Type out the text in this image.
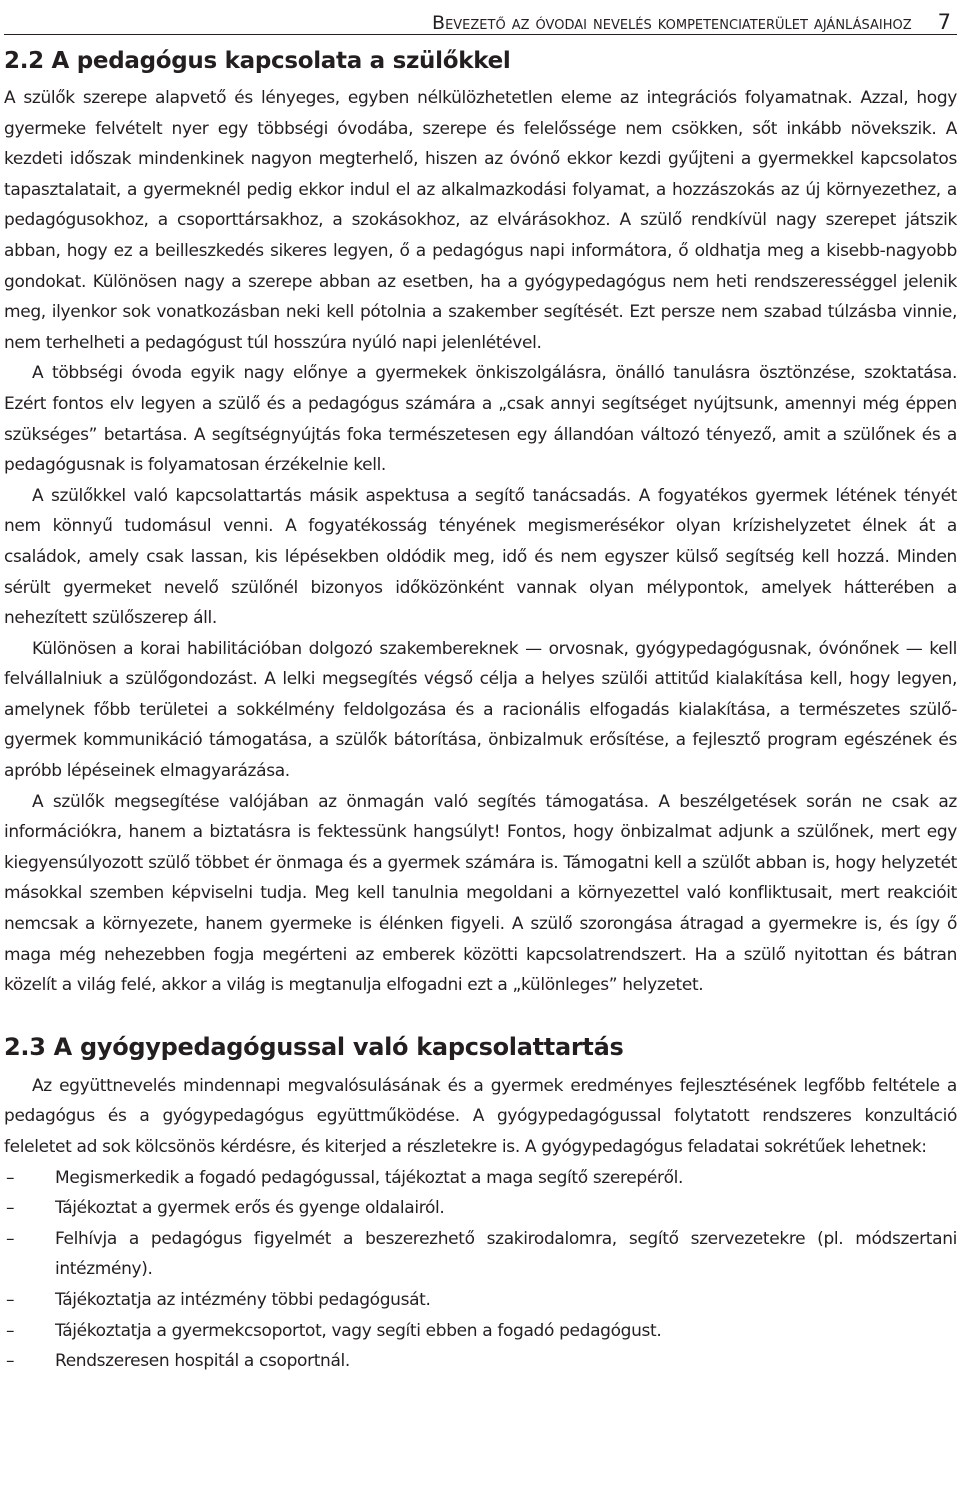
Bevezető az óvodai nevelés kompetenciaterület ajánlásaihoz 7
2.2 A pedagógus kapcsolata a szülőkkel

A szülők szerepe alapvető és lényeges, egyben nélkülözhetetlen eleme az integrációs folyamatnak. Azzal, hogy gyermeke felvételt nyer egy többségi óvodába, szerepe és felelőssége nem csökken, sőt inkább növekszik. A kezdeti időszak mindenkinek nagyon megterhelő, hiszen az óvónő ekkor kezdi gyűjteni a gyermekkel kapcsolatos tapasztalatait, a gyermeknél pedig ekkor indul el az alkalmazkodási folyamat, a hozzászokás az új környezethez, a pedagógusokhoz, a csoporttársakhoz, a szokásokhoz, az elvárásokhoz. A szülő rendkívül nagy szerepet játszik abban, hogy ez a beilleszkedés sikeres legyen, ő a pedagógus napi informátora, ő oldhatja meg a kisebb-nagyobb gondokat. Különösen nagy a szerepe abban az esetben, ha a gyógypedagógus nem heti rendszerességgel jelenik meg, ilyenkor sok vonatkozásban neki kell pótolnia a szakember segítését. Ezt persze nem szabad túlzásba vinnie, nem terhelheti a pedagógust túl hosszúra nyúló napi jelenlétével.

A többségi óvoda egyik nagy előnye a gyermekek önkiszolgálásra, önálló tanulásra ösztönzése, szoktatása. Ezért fontos elv legyen a szülő és a pedagógus számára a „csak annyi segítséget nyújtsunk, amennyi még éppen szükséges” betartása. A segítségnyújtás foka természetesen egy állandóan változó tényező, amit a szülőnek és a pedagógusnak is folyamatosan érzékelnie kell.

A szülőkkel való kapcsolattartás másik aspektusa a segítő tanácsadás. A fogyatékos gyermek létének tényét nem könnyű tudomásul venni. A fogyatékosság tényének megismerésékor olyan krízishelyzetet élnek át a családok, amely csak lassan, kis lépésekben oldódik meg, idő és nem egyszer külső segítség kell hozzá. Minden sérült gyermeket nevelő szülőnél bizonyos időközönként vannak olyan mélypontok, amelyek hátterében a nehezített szülőszerep áll.

Különösen a korai habilitációban dolgozó szakembereknek — orvosnak, gyógypedagógusnak, óvónőnek — kell felvállalniuk a szülőgondozást. A lelki megsegítés végső célja a helyes szülői attitűd kialakítása kell, hogy legyen, amelynek főbb területei a sokkélmény feldolgozása és a racionális elfogadás kialakítása, a természetes szülő-gyermek kommunikáció támogatása, a szülők bátorítása, önbizalmuk erősítése, a fejlesztő program egészének és apróbb lépéseinek elmagyarázása.

A szülők megsegítése valójában az önmagán való segítés támogatása. A beszélgetések során ne csak az információkra, hanem a biztatásra is fektessünk hangsúlyt! Fontos, hogy önbizalmat adjunk a szülőnek, mert egy kiegyensúlyozott szülő többet ér önmaga és a gyermek számára is. Támogatni kell a szülőt abban is, hogy helyzetét másokkal szemben képviselni tudja. Meg kell tanulnia megoldani a környezettel való konfliktusait, mert reakcióit nemcsak a környezete, hanem gyermeke is élénken figyeli. A szülő szorongása átragad a gyermekre is, és így ő maga még nehezebben fogja megérteni az emberek közötti kapcsolatrendszert. Ha a szülő nyitottan és bátran közelít a világ felé, akkor a világ is megtanulja elfogadni ezt a „különleges” helyzetet.

2.3 A gyógypedagógussal való kapcsolattartás

Az együttnevelés mindennapi megvalósulásának és a gyermek eredményes fejlesztésének legfőbb feltétele a pedagógus és a gyógypedagógus együttműködése. A gyógypedagógussal folytatott rendszeres konzultáció feleletet ad sok kölcsönös kérdésre, és kiterjed a részletekre is. A gyógypedagógus feladatai sokrétűek lehetnek:

– Megismerkedik a fogadó pedagógussal, tájékoztat a maga segítő szerepéről.
– Tájékoztat a gyermek erős és gyenge oldalairól.
– Felhívja a pedagógus figyelmét a beszerezhető szakirodalomra, segítő szervezetekre (pl. módszertani intézmény).
– Tájékoztatja az intézmény többi pedagógusát.
– Tájékoztatja a gyermekcsoportot, vagy segíti ebben a fogadó pedagógust.
– Rendszeresen hospitál a csoportnál.
